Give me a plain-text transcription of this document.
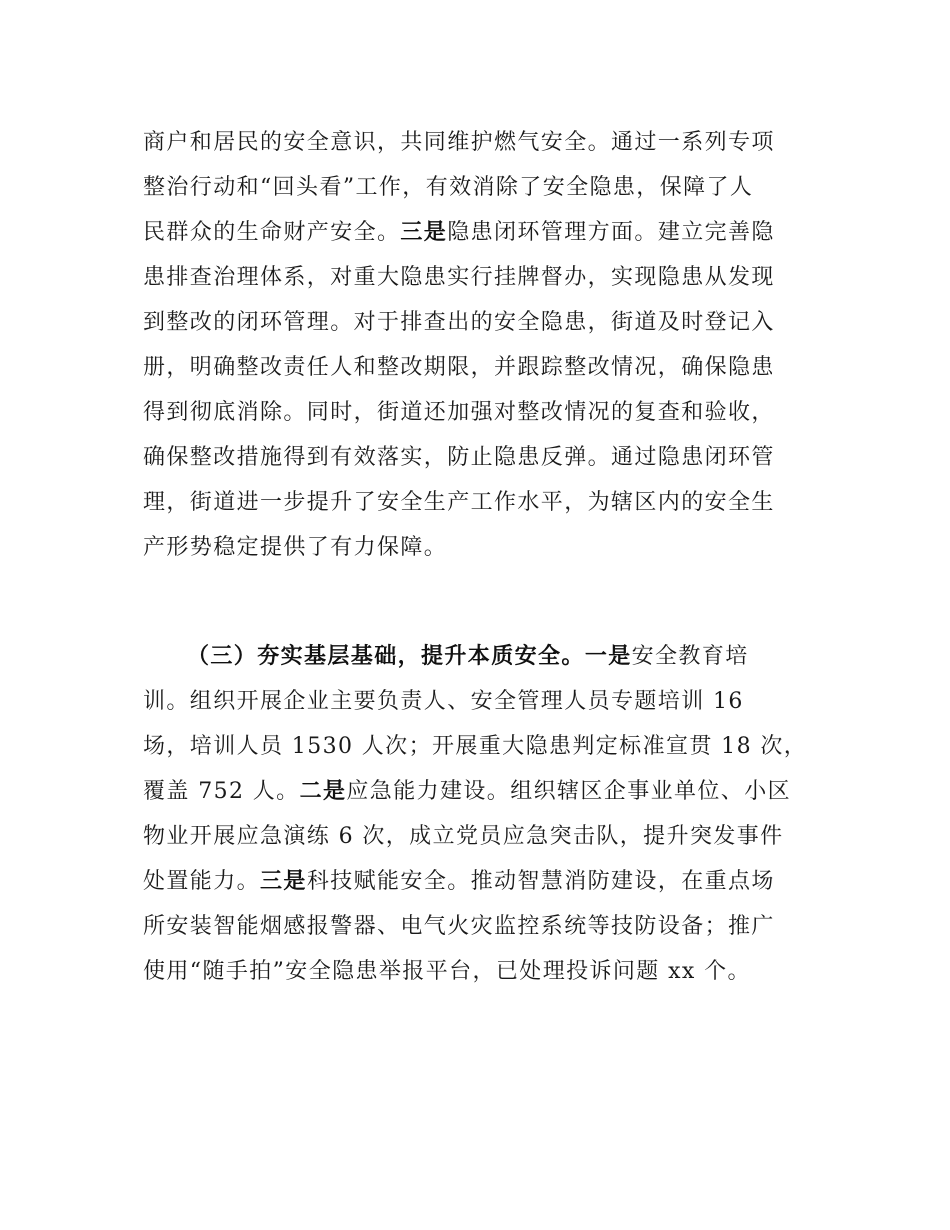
商户和居民的安全意识，共同维护燃气安全。通过一系列专项
整治行动和“回头看”工作，有效消除了安全隐患，保障了人
民群众的生命财产安全。三是隐患闭环管理方面。建立完善隐
患排查治理体系，对重大隐患实行挂牌督办，实现隐患从发现
到整改的闭环管理。对于排查出的安全隐患，街道及时登记入
册，明确整改责任人和整改期限，并跟踪整改情况，确保隐患
得到彻底消除。同时，街道还加强对整改情况的复查和验收，
确保整改措施得到有效落实，防止隐患反弹。通过隐患闭环管
理，街道进一步提升了安全生产工作水平，为辖区内的安全生
产形势稳定提供了有力保障。
（三）夯实基层基础，提升本质安全。一是安全教育培
训。组织开展企业主要负责人、安全管理人员专题培训 16
场，培训人员 1530 人次；开展重大隐患判定标准宣贯 18 次，
覆盖 752 人。二是应急能力建设。组织辖区企事业单位、小区
物业开展应急演练 6 次，成立党员应急突击队，提升突发事件
处置能力。三是科技赋能安全。推动智慧消防建设，在重点场
所安装智能烟感报警器、电气火灾监控系统等技防设备；推广
使用“随手拍”安全隐患举报平台，已处理投诉问题 xx 个。
